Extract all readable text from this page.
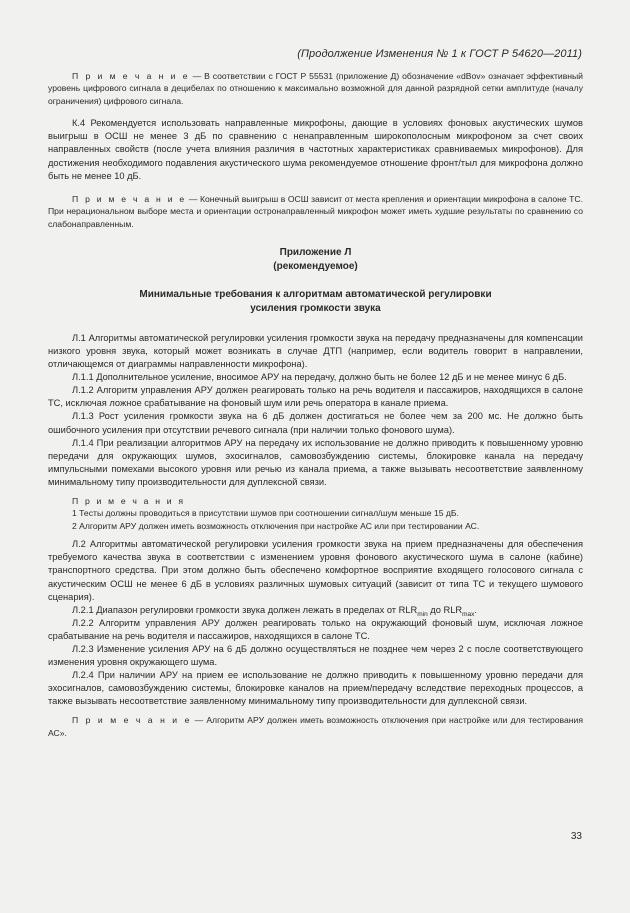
(Продолжение Изменения № 1 к ГОСТ Р 54620—2011)

П р и м е ч а н и е — В соответствии с ГОСТ Р 55531 (приложение Д) обозначение «dBov» означает эффективный уровень цифрового сигнала в децибелах по отношению к максимально возможной для данной разрядной сетки амплитуде (началу ограничения) цифрового сигнала.

К.4 Рекомендуется использовать направленные микрофоны, дающие в условиях фоновых акустических шумов выигрыш в ОСШ не менее 3 дБ по сравнению с ненаправленным широкополосным микрофоном за счет своих направленных свойств (после учета влияния различия в частотных характеристиках сравниваемых микрофонов). Для достижения необходимого подавления акустического шума рекомендуемое отношение фронт/тыл для микрофона должно быть не менее 10 дБ.

П р и м е ч а н и е — Конечный выигрыш в ОСШ зависит от места крепления и ориентации микрофона в салоне ТС. При нерациональном выборе места и ориентации остронаправленный микрофон может иметь худшие результаты по сравнению со слабонаправленным.

Приложение Л

(рекомендуемое)

Минимальные требования к алгоритмам автоматической регулировки

усиления громкости звука

Л.1 Алгоритмы автоматической регулировки усиления громкости звука на передачу предназначены для компенсации низкого уровня звука, который может возникать в случае ДТП (например, если водитель говорит в направлении, отличающемся от диаграммы направленности микрофона).

Л.1.1 Дополнительное усиление, вносимое АРУ на передачу, должно быть не более 12 дБ и не менее минус 6 дБ.

Л.1.2 Алгоритм управления АРУ должен реагировать только на речь водителя и пассажиров, находящихся в салоне ТС, исключая ложное срабатывание на фоновый шум или речь оператора в канале приема.

Л.1.3 Рост усиления громкости звука на 6 дБ должен достигаться не более чем за 200 мс. Не должно быть ошибочного усиления при отсутствии речевого сигнала (при наличии только фонового шума).

Л.1.4 При реализации алгоритмов АРУ на передачу их использование не должно приводить к повышенному уровню передачи для окружающих шумов, эхосигналов, самовозбуждению системы, блокировке канала на передачу импульсными помехами высокого уровня или речью из канала приема, а также вызывать несоответствие заявленному минимальному типу производительности для дуплексной связи.

П р и м е ч а н и я

1 Тесты должны проводиться в присутствии шумов при соотношении сигнал/шум меньше 15 дБ.

2 Алгоритм АРУ должен иметь возможность отключения при настройке АС или при тестировании АС.

Л.2 Алгоритмы автоматической регулировки усиления громкости звука на прием предназначены для обеспечения требуемого качества звука в соответствии с изменением уровня фонового акустического шума в салоне (кабине) транспортного средства. При этом должно быть обеспечено комфортное восприятие входящего голосового сигнала с акустическим ОСШ не менее 6 дБ в условиях различных шумовых ситуаций (зависит от типа ТС и текущего шумового сценария).

Л.2.1 Диапазон регулировки громкости звука должен лежать в пределах от $RLR_{min}$ до $RLR_{max}$.

Л.2.2 Алгоритм управления АРУ должен реагировать только на окружающий фоновый шум, исключая ложное срабатывание на речь водителя и пассажиров, находящихся в салоне ТС.

Л.2.3 Изменение усиления АРУ на 6 дБ должно осуществляться не позднее чем через 2 с после соответствующего изменения уровня окружающего шума.

Л.2.4 При наличии АРУ на прием ее использование не должно приводить к повышенному уровню передачи для эхосигналов, самовозбуждению системы, блокировке каналов на прием/передачу вследствие переходных процессов, а также вызывать несоответствие заявленному минимальному типу производительности для дуплексной связи.

П р и м е ч а н и е — Алгоритм АРУ должен иметь возможность отключения при настройке или для тестирования АС».

33
